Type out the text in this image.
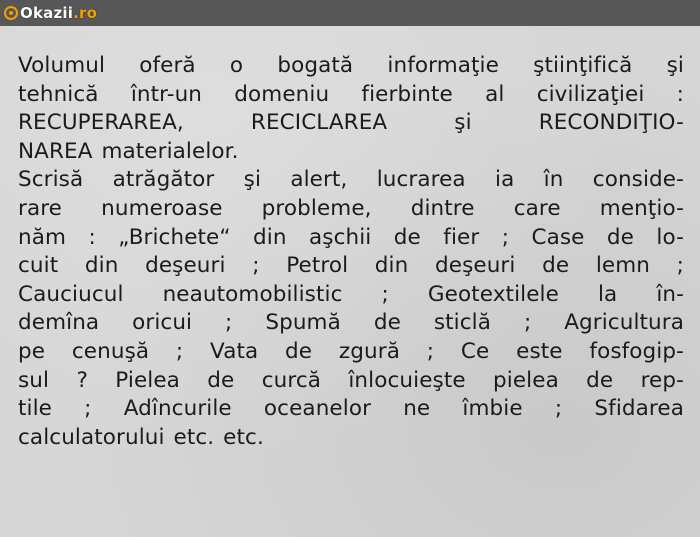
Okazii.ro
Volumul oferă o bogată informaţie ştiinţifică şi
tehnică într-un domeniu fierbinte al civilizaţiei :
RECUPERAREA, RECICLAREA şi RECONDIŢIO-
NAREA materialelor.
Scrisă atrăgător şi alert, lucrarea ia în conside-
rare numeroase probleme, dintre care menţio-
năm : „Brichete“ din aşchii de fier ; Case de lo-
cuit din deşeuri ; Petrol din deşeuri de lemn ;
Cauciucul neautomobilistic ; Geotextilele la în-
demîna oricui ; Spumă de sticlă ; Agricultura
pe cenuşă ; Vata de zgură ; Ce este fosfogip-
sul ? Pielea de curcă înlocuieşte pielea de rep-
tile ; Adîncurile oceanelor ne îmbie ; Sfidarea
calculatorului etc. etc.
